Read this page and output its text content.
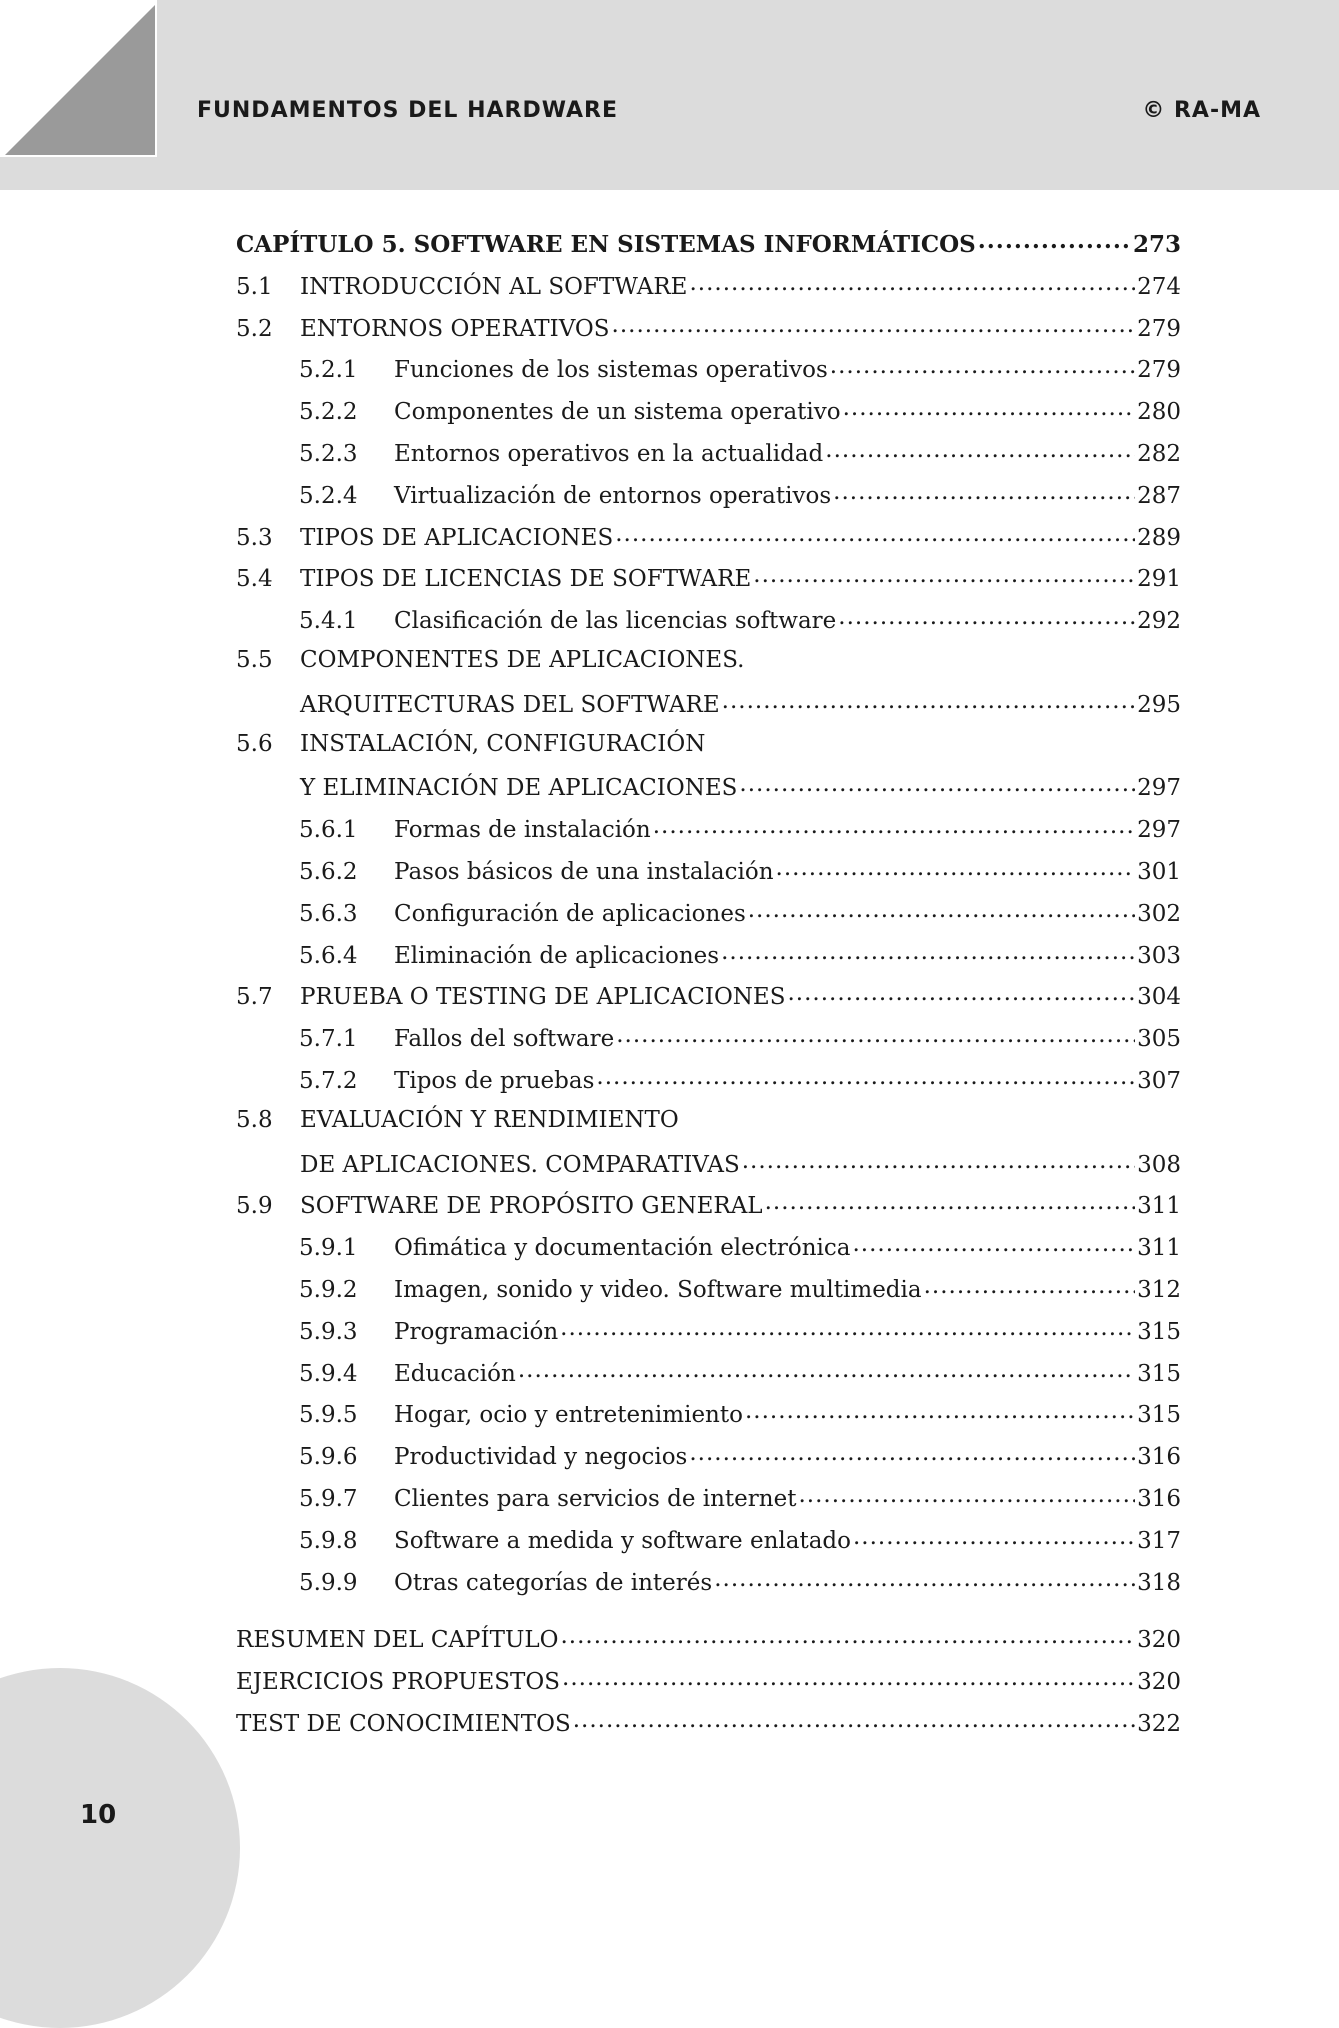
FUNDAMENTOS DEL HARDWARE	© RA-MA
CAPÍTULO 5. SOFTWARE EN SISTEMAS INFORMÁTICOS .....	273
5.1	INTRODUCCIÓN AL SOFTWARE .....	274
5.2	ENTORNOS OPERATIVOS .....	279
5.2.1	Funciones de los sistemas operativos .....	279
5.2.2	Componentes de un sistema operativo .....	280
5.2.3	Entornos operativos en la actualidad .....	282
5.2.4	Virtualización de entornos operativos .....	287
5.3	TIPOS DE APLICACIONES .....	289
5.4	TIPOS DE LICENCIAS DE SOFTWARE .....	291
5.4.1	Clasificación de las licencias software .....	292
5.5	COMPONENTES DE APLICACIONES.
ARQUITECTURAS DEL SOFTWARE .....	295
5.6	INSTALACIÓN, CONFIGURACIÓN
Y ELIMINACIÓN DE APLICACIONES .....	297
5.6.1	Formas de instalación .....	297
5.6.2	Pasos básicos de una instalación .....	301
5.6.3	Configuración de aplicaciones .....	302
5.6.4	Eliminación de aplicaciones .....	303
5.7	PRUEBA O TESTING DE APLICACIONES .....	304
5.7.1	Fallos del software .....	305
5.7.2	Tipos de pruebas .....	307
5.8	EVALUACIÓN Y RENDIMIENTO
DE APLICACIONES. COMPARATIVAS .....	308
5.9	SOFTWARE DE PROPÓSITO GENERAL .....	311
5.9.1	Ofimática y documentación electrónica .....	311
5.9.2	Imagen, sonido y video. Software multimedia .....	312
5.9.3	Programación .....	315
5.9.4	Educación .....	315
5.9.5	Hogar, ocio y entretenimiento .....	315
5.9.6	Productividad y negocios .....	316
5.9.7	Clientes para servicios de internet .....	316
5.9.8	Software a medida y software enlatado .....	317
5.9.9	Otras categorías de interés .....	318
RESUMEN DEL CAPÍTULO .....	320
EJERCICIOS PROPUESTOS .....	320
TEST DE CONOCIMIENTOS .....	322
10
